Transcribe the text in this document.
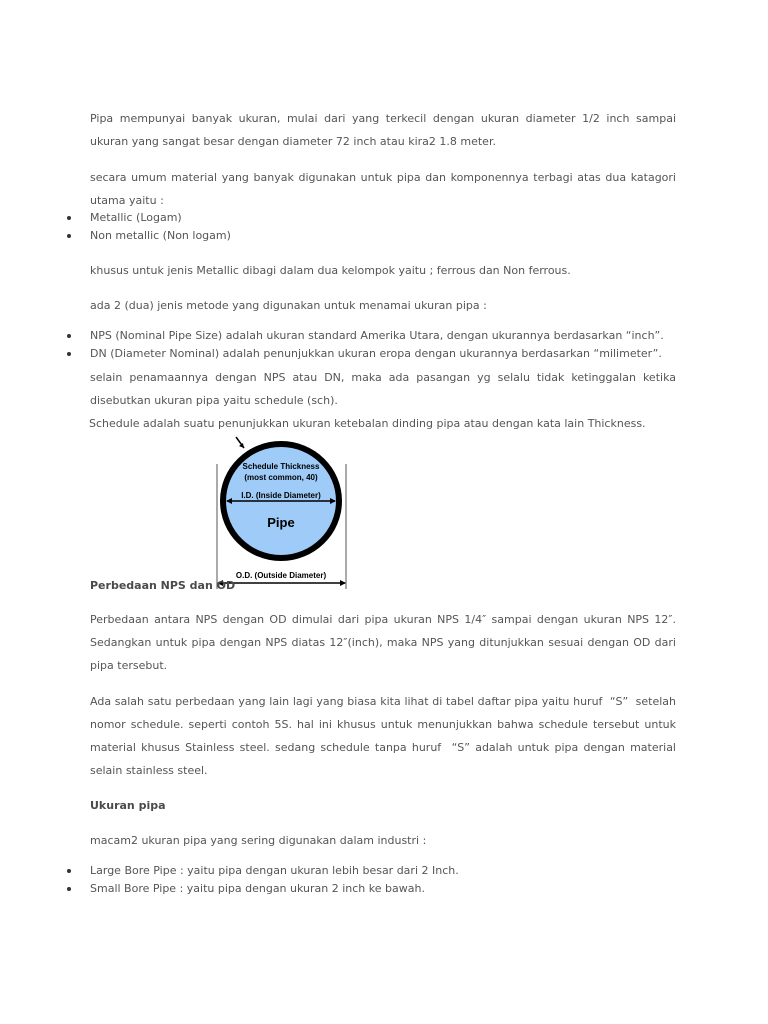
Pipa mempunyai banyak ukuran, mulai dari yang terkecil dengan ukuran diameter 1/2 inch sampai ukuran yang sangat besar dengan diameter 72 inch atau kira2 1.8 meter.

secara umum material yang banyak digunakan untuk pipa dan komponennya terbagi atas dua katagori utama yaitu :

Metallic (Logam)
Non metallic (Non logam)

khusus untuk jenis Metallic dibagi dalam dua kelompok yaitu ; ferrous dan Non ferrous.

ada 2 (dua) jenis metode yang digunakan untuk menamai ukuran pipa :

NPS (Nominal Pipe Size) adalah ukuran standard Amerika Utara, dengan ukurannya berdasarkan “inch”.
DN (Diameter Nominal) adalah penunjukkan ukuran eropa dengan ukurannya berdasarkan “milimeter”.

selain penamaannya dengan NPS atau DN, maka ada pasangan yg selalu tidak ketinggalan ketika disebutkan ukuran pipa yaitu schedule (sch).

Schedule adalah suatu penunjukkan ukuran ketebalan dinding pipa atau dengan kata lain Thickness.

Schedule Thickness
(most common, 40)
I.D. (Inside Diameter)
Pipe
O.D. (Outside Diameter)

Perbedaan NPS dan OD

Perbedaan antara NPS dengan OD dimulai dari pipa ukuran NPS 1/4″ sampai dengan ukuran NPS 12″. Sedangkan untuk pipa dengan NPS diatas 12″(inch), maka NPS yang ditunjukkan sesuai dengan OD dari pipa tersebut.

Ada salah satu perbedaan yang lain lagi yang biasa kita lihat di tabel daftar pipa yaitu huruf  “S”  setelah nomor schedule. seperti contoh 5S. hal ini khusus untuk menunjukkan bahwa schedule tersebut untuk material khusus Stainless steel. sedang schedule tanpa huruf  “S” adalah untuk pipa dengan material selain stainless steel.

Ukuran pipa

macam2 ukuran pipa yang sering digunakan dalam industri :

Large Bore Pipe : yaitu pipa dengan ukuran lebih besar dari 2 Inch.
Small Bore Pipe : yaitu pipa dengan ukuran 2 inch ke bawah.
